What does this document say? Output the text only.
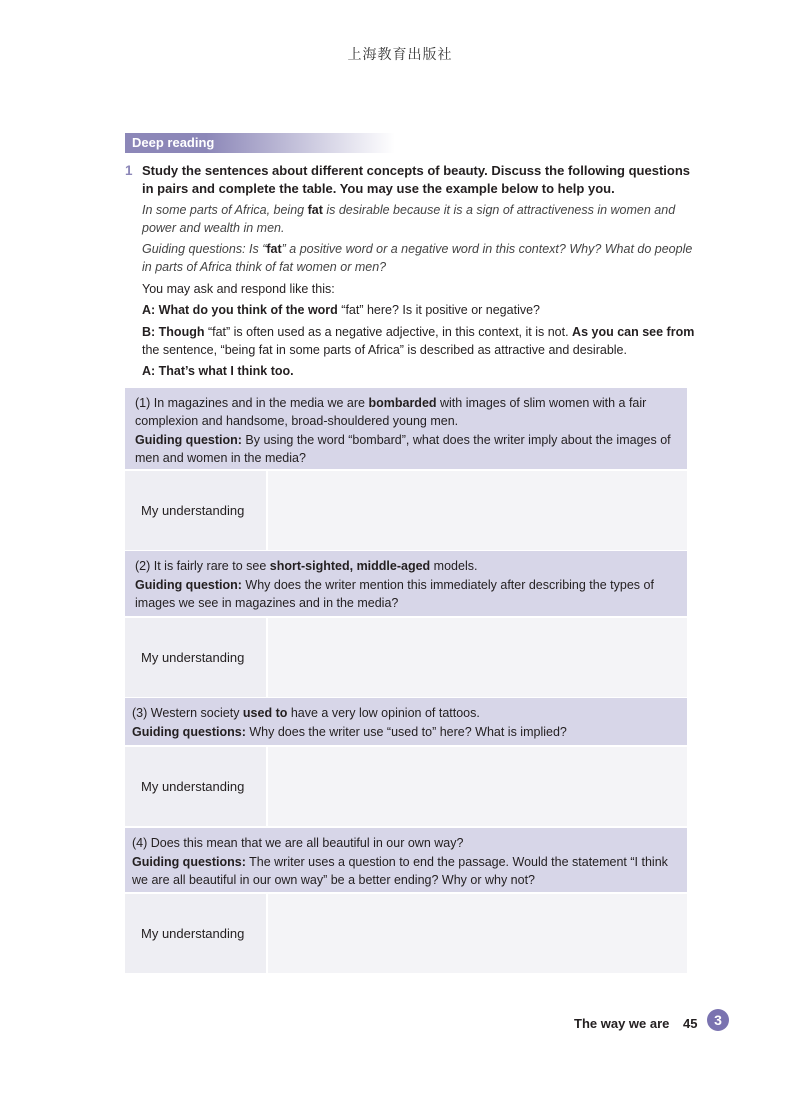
上海教育出版社
Deep reading
1 Study the sentences about different concepts of beauty. Discuss the following questions in pairs and complete the table. You may use the example below to help you.
In some parts of Africa, being fat is desirable because it is a sign of attractiveness in women and power and wealth in men.
Guiding questions: Is “fat” a positive word or a negative word in this context? Why? What do people in parts of Africa think of fat women or men?
You may ask and respond like this:
A: What do you think of the word “fat” here? Is it positive or negative?
B: Though “fat” is often used as a negative adjective, in this context, it is not. As you can see from the sentence, “being fat in some parts of Africa” is described as attractive and desirable.
A: That’s what I think too.
(1) In magazines and in the media we are bombarded with images of slim women with a fair complexion and handsome, broad-shouldered young men.
Guiding question: By using the word “bombard”, what does the writer imply about the images of men and women in the media?
My understanding
(2) It is fairly rare to see short-sighted, middle-aged models.
Guiding question: Why does the writer mention this immediately after describing the types of images we see in magazines and in the media?
My understanding
(3) Western society used to have a very low opinion of tattoos.
Guiding questions: Why does the writer use “used to” here? What is implied?
My understanding
(4) Does this mean that we are all beautiful in our own way?
Guiding questions: The writer uses a question to end the passage. Would the statement “I think we are all beautiful in our own way” be a better ending? Why or why not?
My understanding
The way we are 45	3
